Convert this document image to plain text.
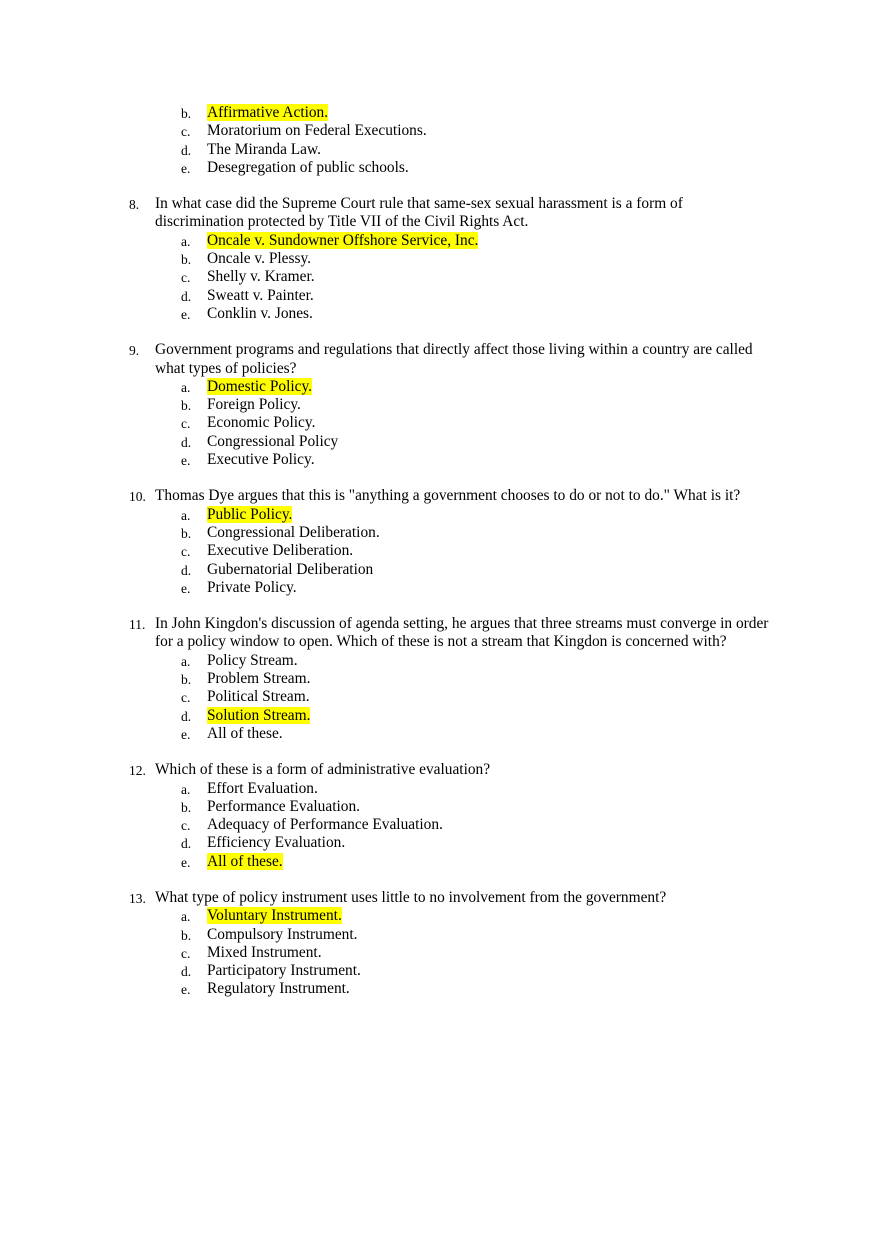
b. Affirmative Action.
c. Moratorium on Federal Executions.
d. The Miranda Law.
e. Desegregation of public schools.
8. In what case did the Supreme Court rule that same-sex sexual harassment is a form of discrimination protected by Title VII of the Civil Rights Act.
a. Oncale v. Sundowner Offshore Service, Inc.
b. Oncale v. Plessy.
c. Shelly v. Kramer.
d. Sweatt v. Painter.
e. Conklin v. Jones.
9. Government programs and regulations that directly affect those living within a country are called what types of policies?
a. Domestic Policy.
b. Foreign Policy.
c. Economic Policy.
d. Congressional Policy
e. Executive Policy.
10. Thomas Dye argues that this is "anything a government chooses to do or not to do." What is it?
a. Public Policy.
b. Congressional Deliberation.
c. Executive Deliberation.
d. Gubernatorial Deliberation
e. Private Policy.
11. In John Kingdon's discussion of agenda setting, he argues that three streams must converge in order for a policy window to open. Which of these is not a stream that Kingdon is concerned with?
a. Policy Stream.
b. Problem Stream.
c. Political Stream.
d. Solution Stream.
e. All of these.
12. Which of these is a form of administrative evaluation?
a. Effort Evaluation.
b. Performance Evaluation.
c. Adequacy of Performance Evaluation.
d. Efficiency Evaluation.
e. All of these.
13. What type of policy instrument uses little to no involvement from the government?
a. Voluntary Instrument.
b. Compulsory Instrument.
c. Mixed Instrument.
d. Participatory Instrument.
e. Regulatory Instrument.
